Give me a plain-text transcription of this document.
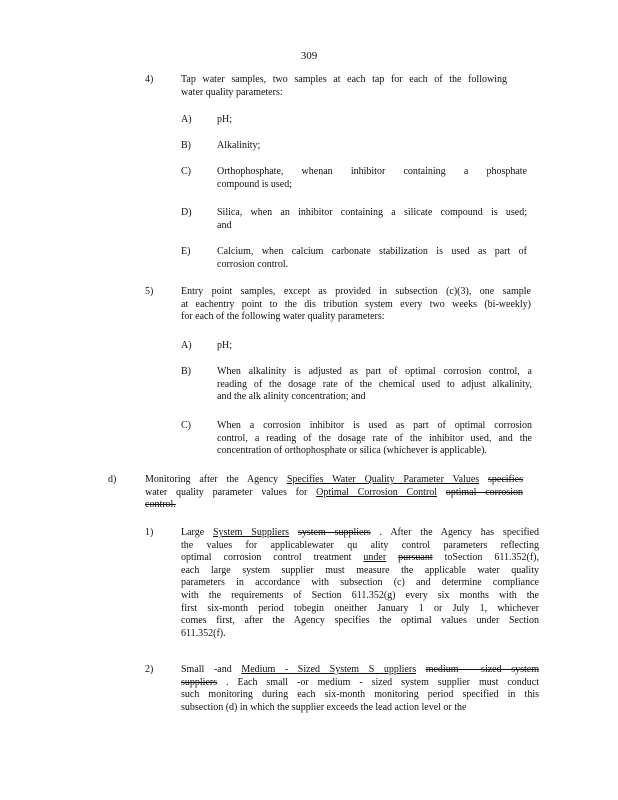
309
4)	Tap water samples, two samples at each tap for each of the following
water quality parameters:
A)	pH;
B)	Alkalinity;
C)	Orthophosphate, whenan inhibitor containing a phosphate
compound is used;
D)	Silica, when an inhibitor containing a silicate compound is used;
and
E)	Calcium, when calcium carbonate stabilization is used as part of
corrosion control.
5)	Entry point samples, except as provided in subsection (c)(3), one sample
at eachentry point to the dis tribution system every two weeks (bi-weekly)
for each of the following water quality parameters:
A)	pH;
B)	When alkalinity is adjusted as part of optimal corrosion control, a
reading of the dosage rate of the chemical used to adjust alkalinity,
and the alk alinity concentration; and
C)	When a corrosion inhibitor is used as part of optimal corrosion
control, a reading of the dosage rate of the inhibitor used, and the
concentration of orthophosphate or silica (whichever is applicable).
d)	Monitoring after the Agency Specifies Water Quality Parameter Values specifies
water quality parameter values for Optimal Corrosion Control optimal corrosion
control.
1)	Large System Suppliers system suppliers . After the Agency has specified
the values for applicablewater qu ality control parameters reflecting
optimal corrosion control treatment under pursuant toSection 611.352(f),
each large system supplier must measure the applicable water quality
parameters in accordance with subsection (c) and determine compliance
with the requirements of Section 611.352(g) every six months with the
first six-month period tobegin oneither January 1 or July 1, whichever
comes first, after the Agency specifies the optimal values under Section
611.352(f).
2)	Small -and Medium - Sized System S uppliers medium - sized system
suppliers . Each small -or medium - sized system supplier must conduct
such monitoring during each six-month monitoring period specified in this
subsection (d) in which the supplier exceeds the lead action level or the
